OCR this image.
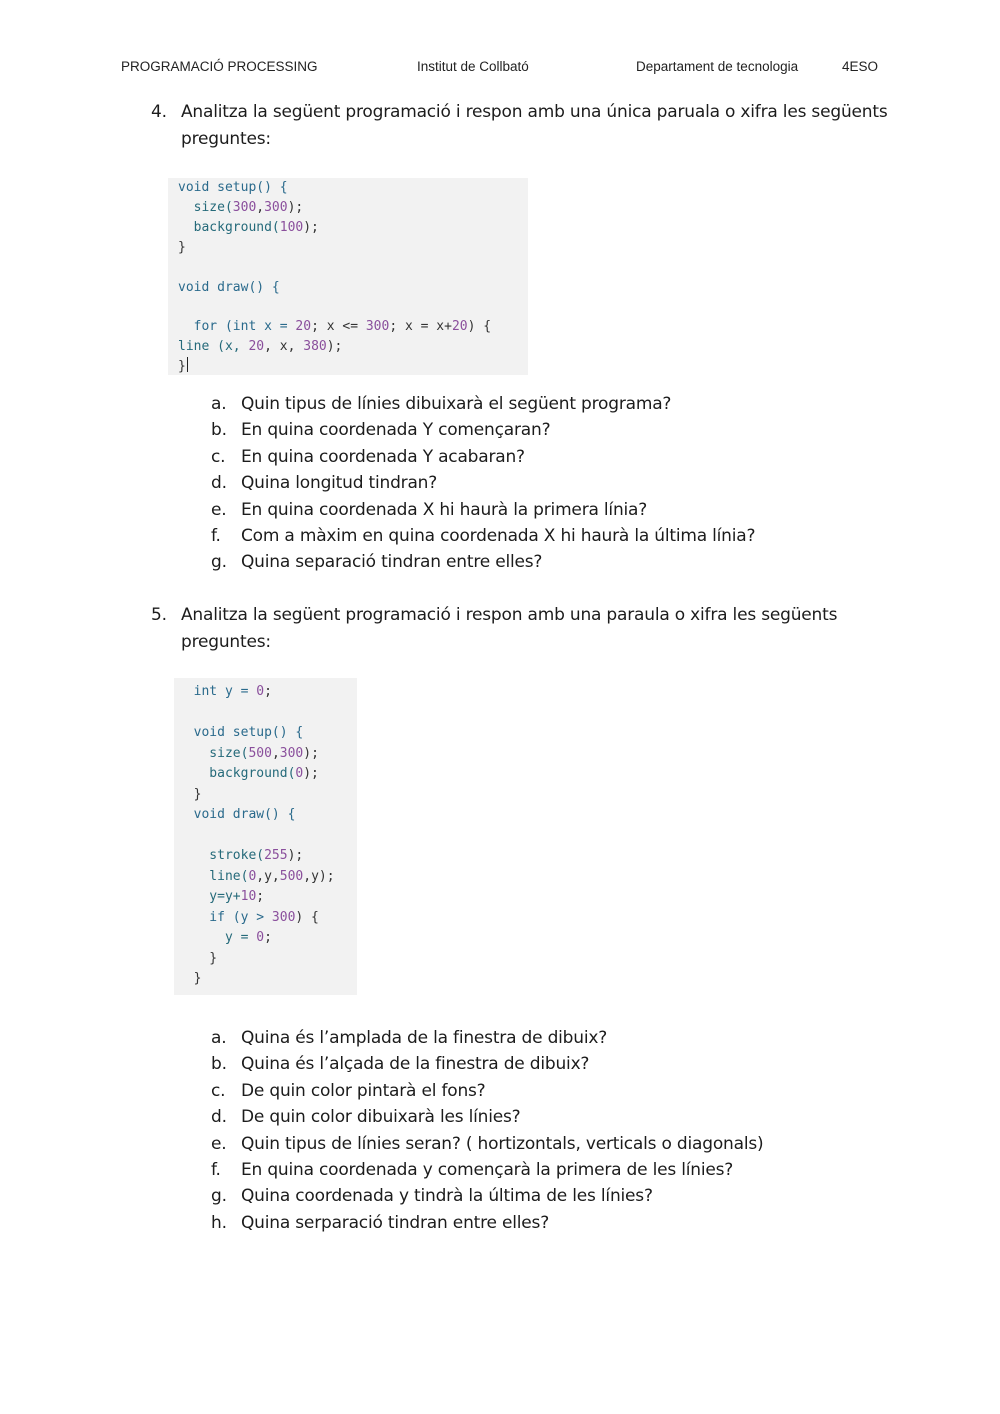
PROGRAMACIÓ PROCESSING	Institut de Collbató	Departament de tecnologia	4ESO
4. Analitza la següent programació i respon amb una única paruala o xifra les següents preguntes:
void setup() {
size(300,300);
background(100);
}
void draw() {
for (int x = 20; x <= 300; x = x+20) {
line (x, 20, x, 380);
}
a. Quin tipus de línies dibuixarà el següent programa?
b. En quina coordenada Y començaran?
c. En quina coordenada Y acabaran?
d. Quina longitud tindran?
e. En quina coordenada X hi haurà la primera línia?
f. Com a màxim en quina coordenada X hi haurà la última línia?
g. Quina separació tindran entre elles?
5. Analitza la següent programació i respon amb una paraula o xifra les següents preguntes:
int y = 0;
void setup() {
size(500,300);
background(0);
}
void draw() {
stroke(255);
line(0,y,500,y);
y=y+10;
if (y > 300) {
y = 0;
}
}
a. Quina és l’amplada de la finestra de dibuix?
b. Quina és l’alçada de la finestra de dibuix?
c. De quin color pintarà el fons?
d. De quin color dibuixarà les línies?
e. Quin tipus de línies seran? ( hortizontals, verticals o diagonals)
f. En quina coordenada y començarà la primera de les línies?
g. Quina coordenada y tindrà la última de les línies?
h. Quina serparació tindran entre elles?
